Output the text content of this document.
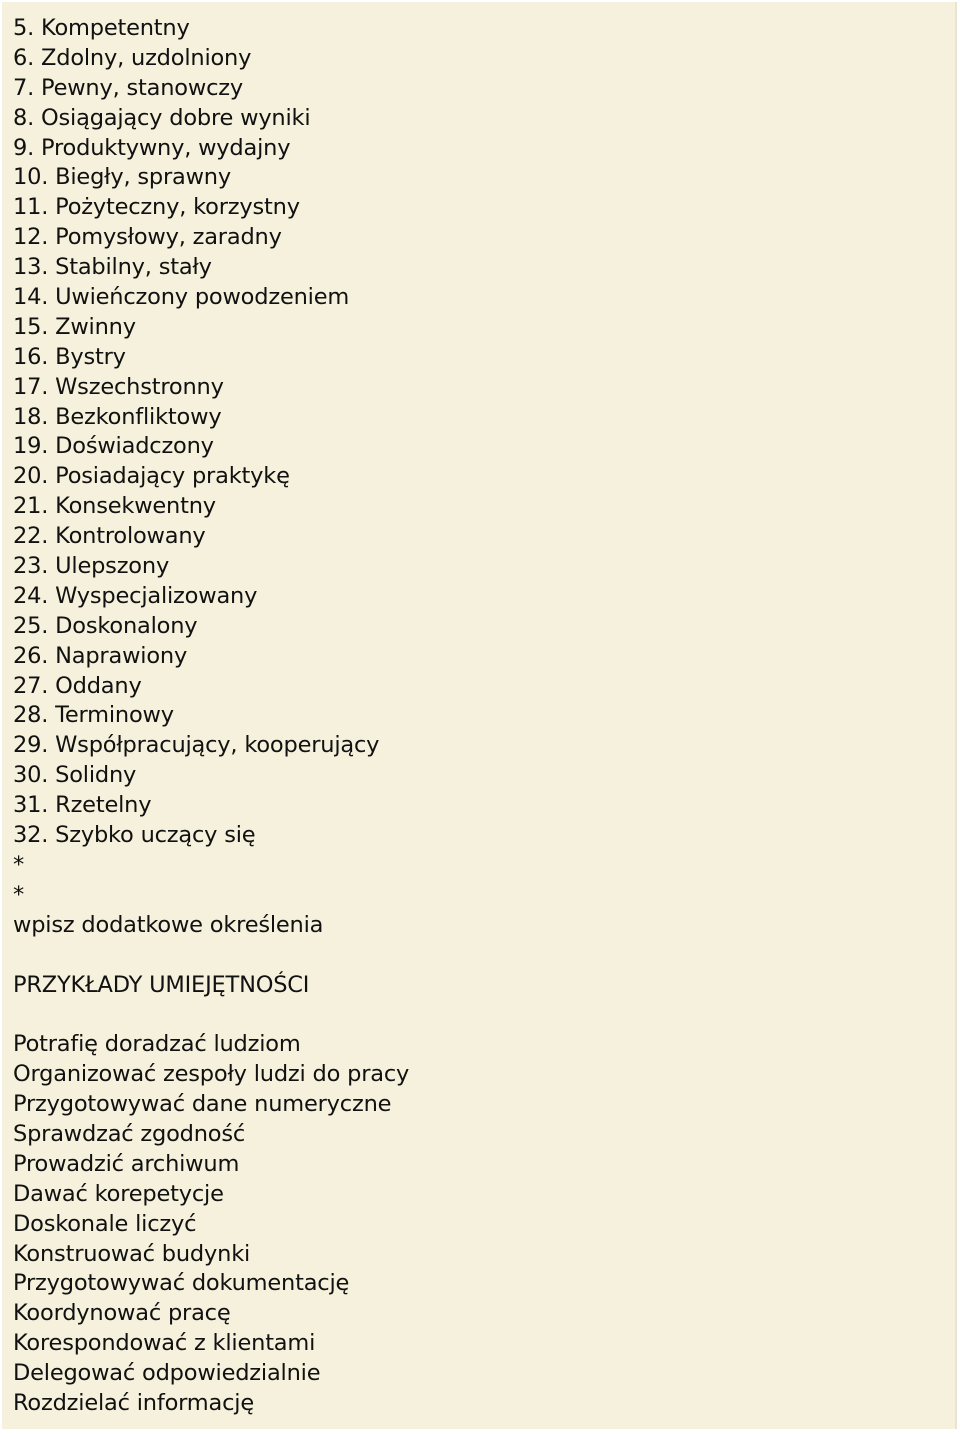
5. Kompetentny
6. Zdolny, uzdolniony
7. Pewny, stanowczy
8. Osiągający dobre wyniki
9. Produktywny, wydajny
10. Biegły, sprawny
11. Pożyteczny, korzystny
12. Pomysłowy, zaradny
13. Stabilny, stały
14. Uwieńczony powodzeniem
15. Zwinny
16. Bystry
17. Wszechstronny
18. Bezkonfliktowy
19. Doświadczony
20. Posiadający praktykę
21. Konsekwentny
22. Kontrolowany
23. Ulepszony
24. Wyspecjalizowany
25. Doskonalony
26. Naprawiony
27. Oddany
28. Terminowy
29. Współpracujący, kooperujący
30. Solidny
31. Rzetelny
32. Szybko uczący się
*
*
wpisz dodatkowe określenia
PRZYKŁADY UMIEJĘTNOŚCI
Potrafię doradzać ludziom
Organizować zespoły ludzi do pracy
Przygotowywać dane numeryczne
Sprawdzać zgodność
Prowadzić archiwum
Dawać korepetycje
Doskonale liczyć
Konstruować budynki
Przygotowywać dokumentację
Koordynować pracę
Korespondować z klientami
Delegować odpowiedzialnie
Rozdzielać informację
